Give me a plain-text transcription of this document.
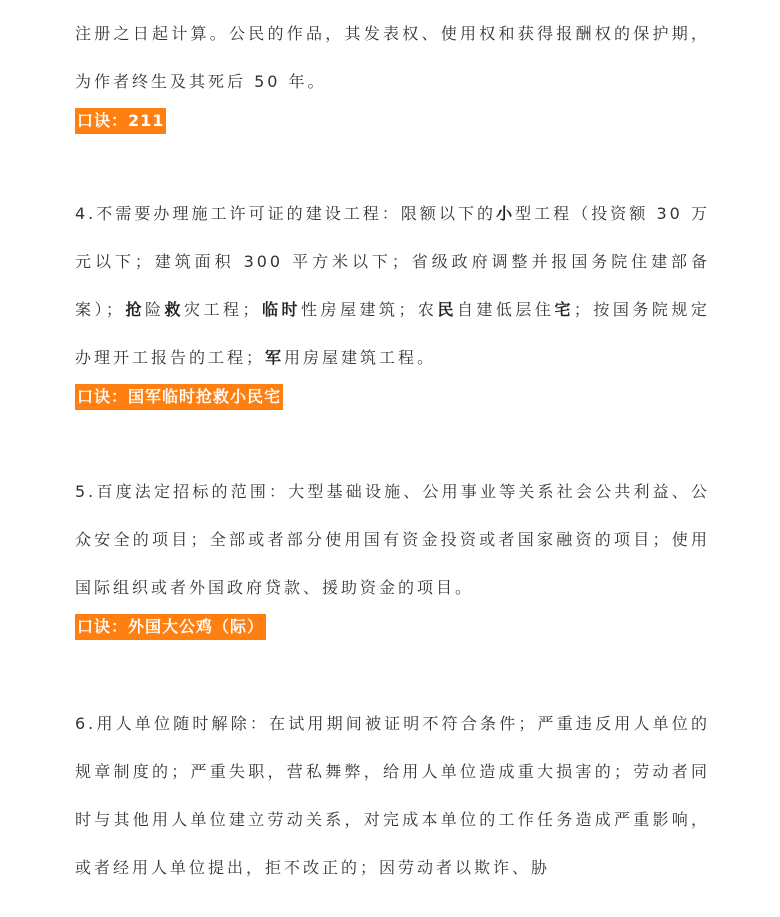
注册之日起计算。公民的作品，其发表权、使用权和获得报酬权的保护期，为作者终生及其死后 50 年。

口诀：211

4.不需要办理施工许可证的建设工程：限额以下的小型工程（投资额 30 万元以下；建筑面积 300 平方米以下；省级政府调整并报国务院住建部备案）；抢险救灾工程；临时性房屋建筑；农民自建低层住宅；按国务院规定办理开工报告的工程；军用房屋建筑工程。

口诀：国军临时抢救小民宅

5.百度法定招标的范围：大型基础设施、公用事业等关系社会公共利益、公众安全的项目；全部或者部分使用国有资金投资或者国家融资的项目；使用国际组织或者外国政府贷款、援助资金的项目。

口诀：外国大公鸡（际）

6.用人单位随时解除：在试用期间被证明不符合条件；严重违反用人单位的规章制度的；严重失职，营私舞弊，给用人单位造成重大损害的；劳动者同时与其他用人单位建立劳动关系，对完成本单位的工作任务造成严重影响，或者经用人单位提出，拒不改正的；因劳动者以欺诈、胁
